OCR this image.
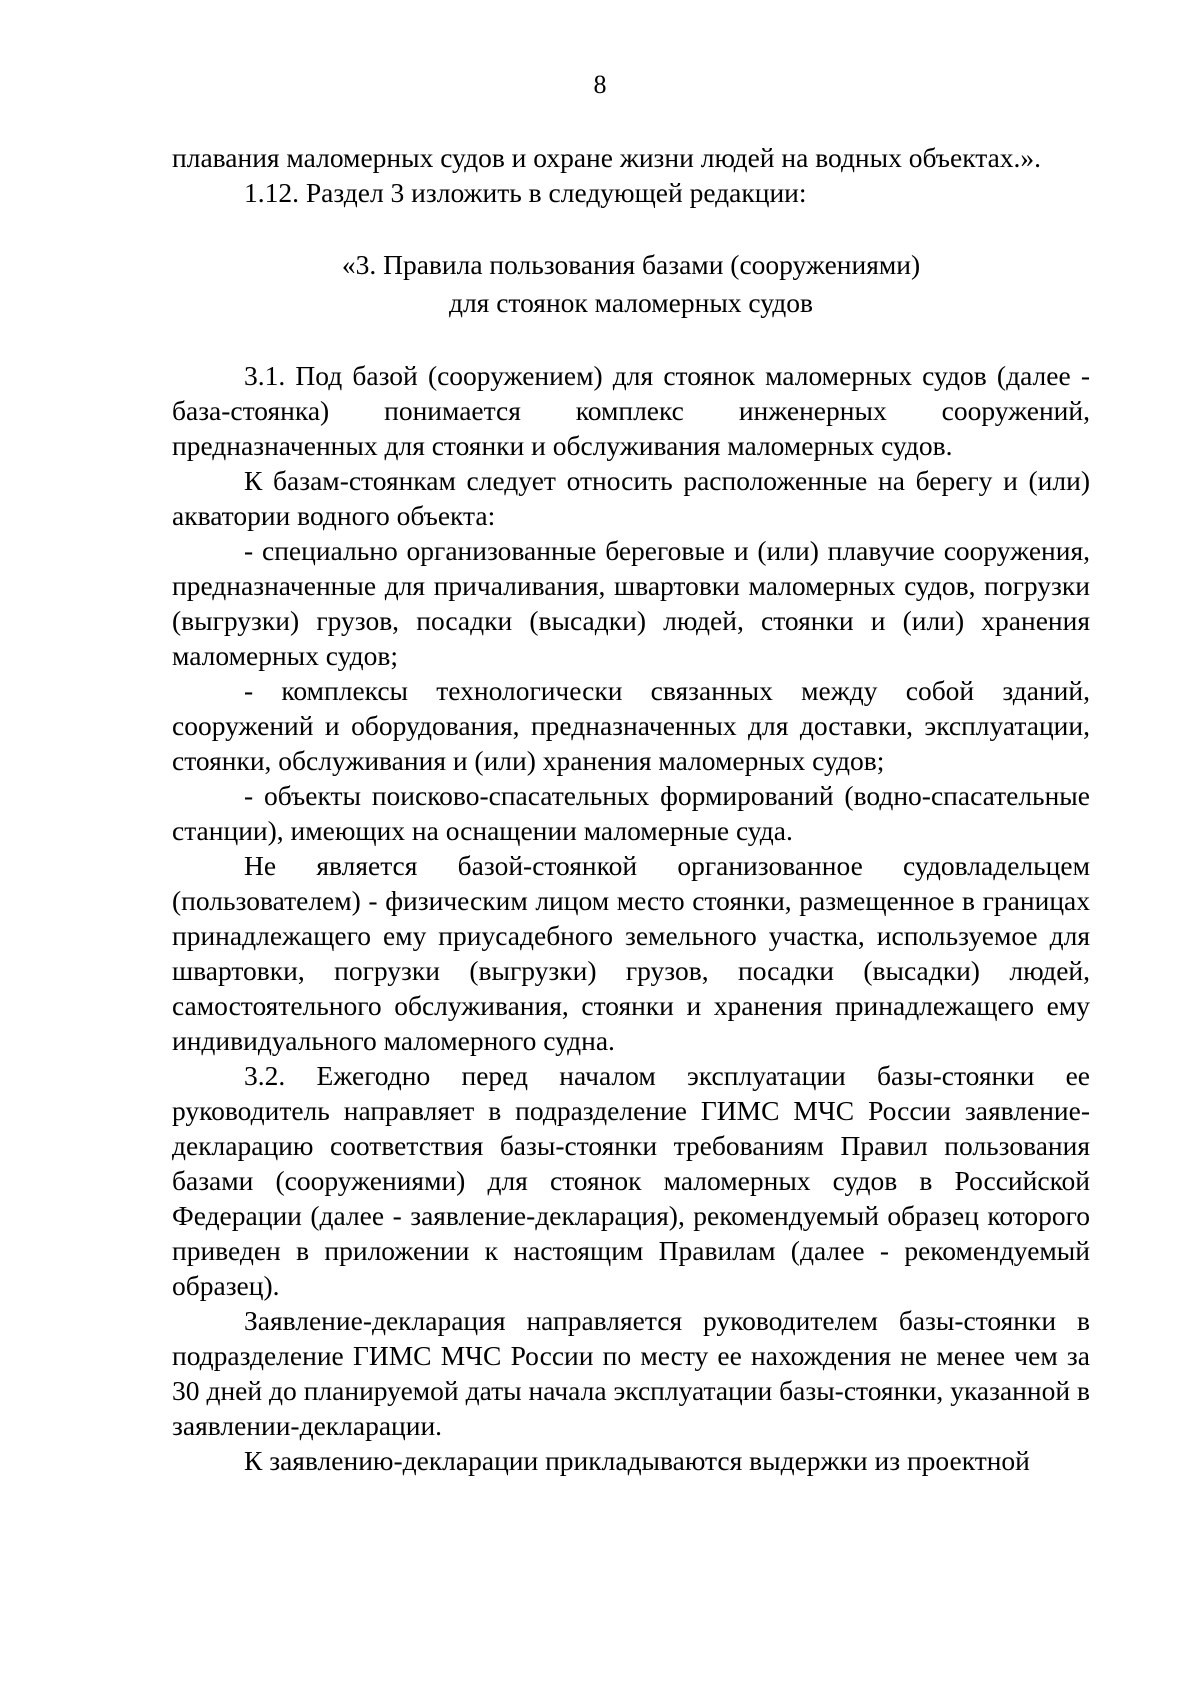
8

плавания маломерных судов и охране жизни людей на водных объектах.».

1.12. Раздел 3 изложить в следующей редакции:

«3. Правила пользования базами (сооружениями)
для стоянок маломерных судов

3.1. Под базой (сооружением) для стоянок маломерных судов (далее - база-стоянка) понимается комплекс инженерных сооружений, предназначенных для стоянки и обслуживания маломерных судов.

К базам-стоянкам следует относить расположенные на берегу и (или) акватории водного объекта:

- специально организованные береговые и (или) плавучие сооружения, предназначенные для причаливания, швартовки маломерных судов, погрузки (выгрузки) грузов, посадки (высадки) людей, стоянки и (или) хранения маломерных судов;

- комплексы технологически связанных между собой зданий, сооружений и оборудования, предназначенных для доставки, эксплуатации, стоянки, обслуживания и (или) хранения маломерных судов;

- объекты поисково-спасательных формирований (водно-спасательные станции), имеющих на оснащении маломерные суда.

Не является базой-стоянкой организованное судовладельцем (пользователем) - физическим лицом место стоянки, размещенное в границах принадлежащего ему приусадебного земельного участка, используемое для швартовки, погрузки (выгрузки) грузов, посадки (высадки) людей, самостоятельного обслуживания, стоянки и хранения принадлежащего ему индивидуального маломерного судна.

3.2. Ежегодно перед началом эксплуатации базы-стоянки ее руководитель направляет в подразделение ГИМС МЧС России заявление-декларацию соответствия базы-стоянки требованиям Правил пользования базами (сооружениями) для стоянок маломерных судов в Российской Федерации (далее - заявление-декларация), рекомендуемый образец которого приведен в приложении к настоящим Правилам (далее - рекомендуемый образец).

Заявление-декларация направляется руководителем базы-стоянки в подразделение ГИМС МЧС России по месту ее нахождения не менее чем за 30 дней до планируемой даты начала эксплуатации базы-стоянки, указанной в заявлении-декларации.

К заявлению-декларации прикладываются выдержки из проектной
